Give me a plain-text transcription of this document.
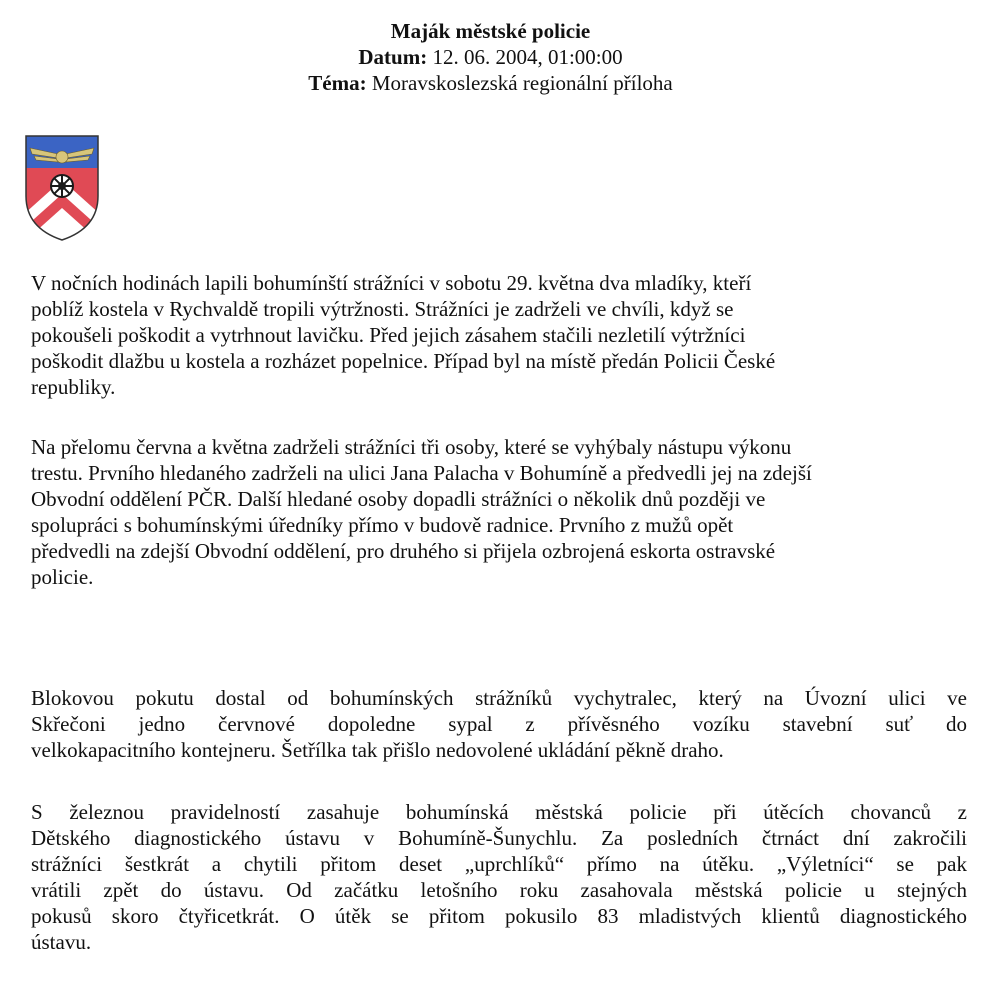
Maják městské policie
Datum: 12. 06. 2004, 01:00:00
Téma: Moravskoslezská regionální příloha
V nočních hodinách lapili bohumínští strážníci v sobotu 29. května dva mladíky, kteří
poblíž kostela v Rychvaldě tropili výtržnosti. Strážníci je zadrželi ve chvíli, když se
pokoušeli poškodit a vytrhnout lavičku. Před jejich zásahem stačili nezletilí výtržníci
poškodit dlažbu u kostela a rozházet popelnice. Případ byl na místě předán Policii České
republiky.
Na přelomu června a května zadrželi strážníci tři osoby, které se vyhýbaly nástupu výkonu
trestu. Prvního hledaného zadrželi na ulici Jana Palacha v Bohumíně a předvedli jej na zdejší
Obvodní oddělení PČR. Další hledané osoby dopadli strážníci o několik dnů později ve
spolupráci s bohumínskými úředníky přímo v budově radnice. Prvního z mužů opět
předvedli na zdejší Obvodní oddělení, pro druhého si přijela ozbrojená eskorta ostravské
policie.
Blokovou pokutu dostal od bohumínských strážníků vychytralec, který na Úvozní ulici ve
Skřečoni jedno červnové dopoledne sypal z přívěsného vozíku stavební suť do
velkokapacitního kontejneru. Šetřílka tak přišlo nedovolené ukládání pěkně draho.
S železnou pravidelností zasahuje bohumínská městská policie při útěcích chovanců z
Dětského diagnostického ústavu v Bohumíně-Šunychlu. Za posledních čtrnáct dní zakročili
strážníci šestkrát a chytili přitom deset „uprchlíků“ přímo na útěku. „Výletníci“ se pak
vrátili zpět do ústavu. Od začátku letošního roku zasahovala městská policie u stejných
pokusů skoro čtyřicetkrát. O útěk se přitom pokusilo 83 mladistvých klientů diagnostického
ústavu.
